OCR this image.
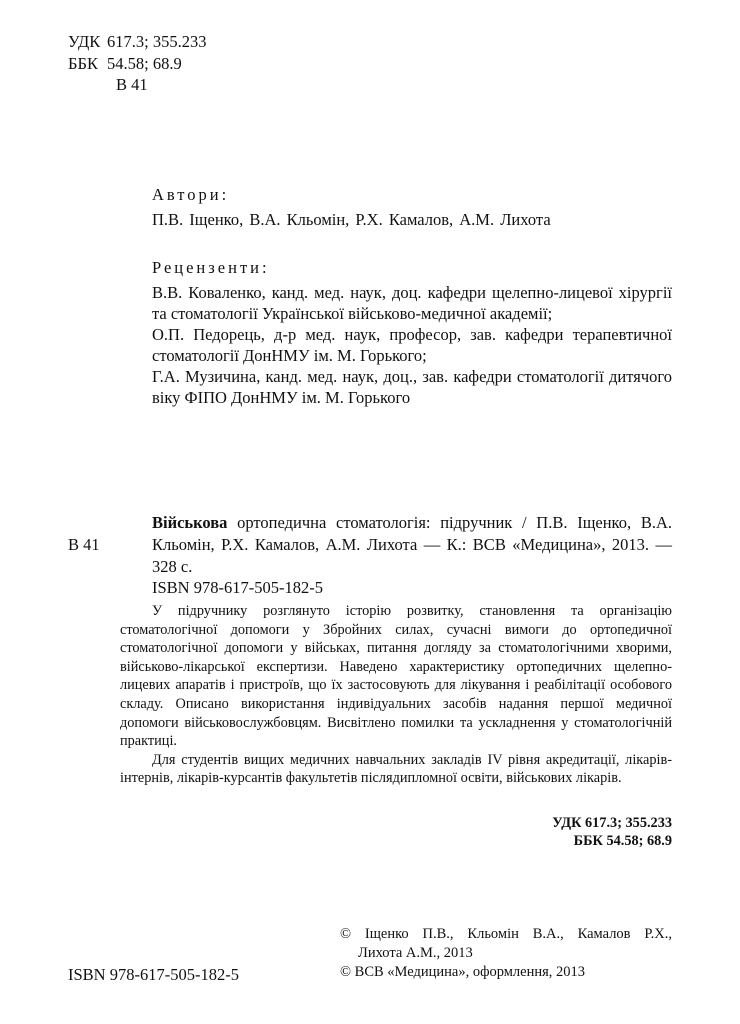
УДК 617.3; 355.233
ББК 54.58; 68.9
В 41
Автори:
П.В. Іщенко, В.А. Кльомін, Р.Х. Камалов, А.М. Лихота
Рецензенти:

В.В. Коваленко, канд. мед. наук, доц. кафедри щелепно-лицевої хірургії та стоматології Української військово-медичної академії;

О.П. Педорець, д-р мед. наук, професор, зав. кафедри терапевтичної стоматології ДонНМУ ім. М. Горького;

Г.А. Музичина, канд. мед. наук, доц., зав. кафедри стоматології дитячого віку ФІПО ДонНМУ ім. М. Горького

В 41
Військова ортопедична стоматологія: підручник / П.В. Іщенко, В.А. Кльомін, Р.Х. Камалов, А.М. Лихота — К.: ВСВ «Медицина», 2013. — 328 с.
ISBN 978-617-505-182-5

У підручнику розглянуто історію розвитку, становлення та організацію стоматологічної допомоги у Збройних силах, сучасні вимоги до ортопедичної стоматологічної допомоги у військах, питання догляду за стоматологічними хворими, військово-лікарської експертизи. Наведено характеристику ортопедичних щелепно-лицевих апаратів і пристроїв, що їх застосовують для лікування і реабілітації особового складу. Описано використання індивідуальних засобів надання першої медичної допомоги військовослужбовцям. Висвітлено помилки та ускладнення у стоматологічній практиці.

Для студентів вищих медичних навчальних закладів IV рівня акредитації, лікарів-інтернів, лікарів-курсантів факультетів післядипломної освіти, військових лікарів.

УДК 617.3; 355.233
ББК 54.58; 68.9
© Іщенко П.В., Кльомін В.А., Камалов Р.Х.,
Лихота А.М., 2013
© ВСВ «Медицина», оформлення, 2013
ISBN 978-617-505-182-5
